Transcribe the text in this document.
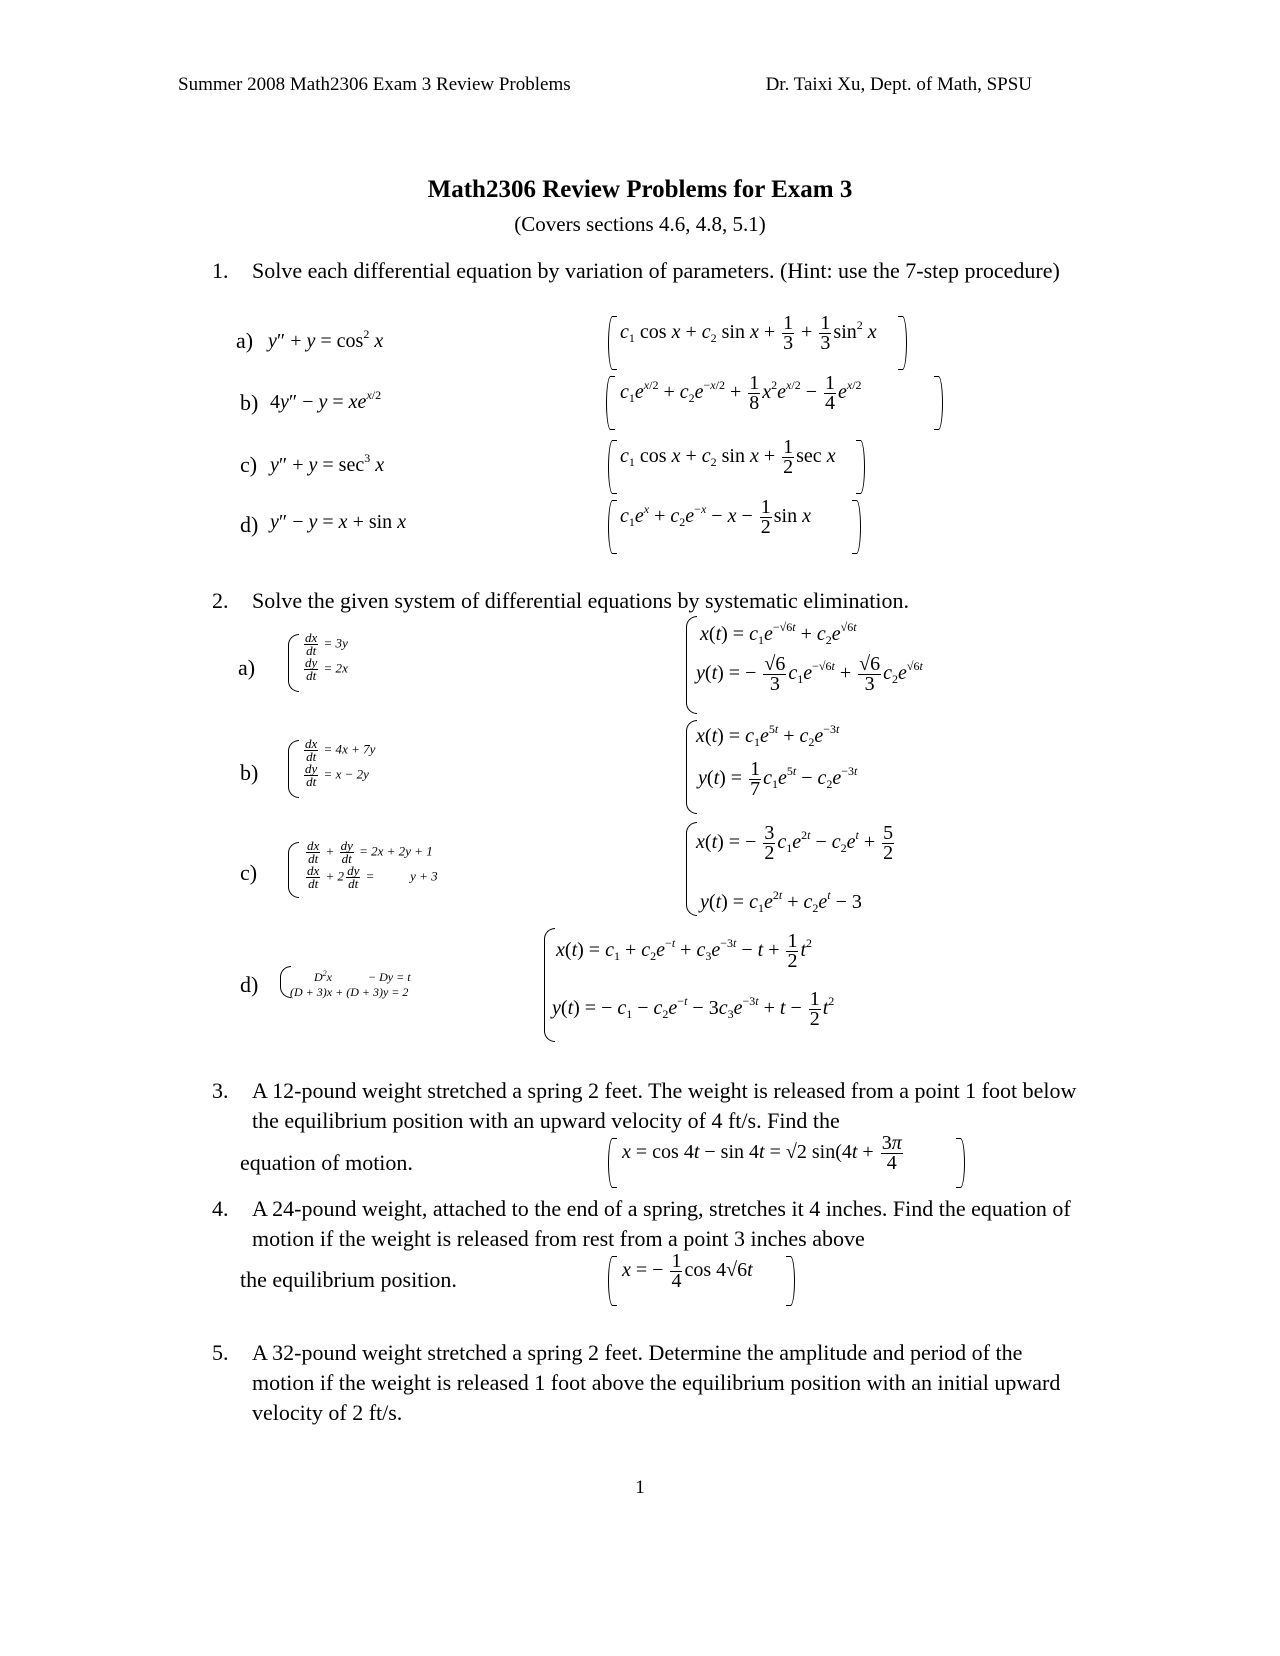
Summer 2008 Math2306 Exam 3 Review Problems	Dr. Taixi Xu, Dept. of Math, SPSU
Math2306 Review Problems for Exam 3
(Covers sections 4.6, 4.8, 5.1)
1. Solve each differential equation by variation of parameters. (Hint: use the 7-step procedure)
a) $y'' + y = \cos^2 x$	$c_1$ $\cos x + c_2$ $\sin x + \frac{1}{3} + \frac{1}{3} \sin^2 x$
b) $4y'' - y = xe^{x/2}$	$c_1e^{x/2} + c_2e^{-x/2} + \frac{1}{8} x^2e^{x/2} - \frac{1}{4} e^{x/2}$
c) $y'' + y = \sec^3 x$	$c_1$ $\cos x + c_2$ $\sin x + \frac{1}{2}$ sec x
d) y″ − y = x + sin x	$c_1e^x + c_2e^{-x} - x - \frac{1}{2}$ sin x
2. Solve the given system of differential equations by systematic elimination.
a)
$\frac{dx}{dt} = 3y$

$\frac{dy}{dt} = 2x$
$x(t) = c_1e^{-√6t} + c_2e^{√6t}$
y(t) = − $\frac{√6}{3} c_1e^{-√6t} + \frac{√6}{3} c_2e^{√6t}$
b)
$\frac{dx}{dt} = 4x + 7y$

$\frac{dy}{dt} = x - 2y$
$x(t) = c_1e^{5t} + c_2e^{-3t}$
$y(t) = \frac{1}{7} c_1e^{5t} - c_2e^{-3t}$
c)
$\frac{dx}{dt} + \frac{dy}{dt} = 2x + 2y + 1$

$\frac{dx}{dt} + 2 \frac{dy}{dt}$ =           y + 3
x(t) = − $\frac{3}{2} c_1e^{2t} - c_2e^t + \frac{5}{2}$
$y(t) = c_1e^{2t} + c_2e^t - 3$
d)	$D^2x$            − Dy = t
(D + 3)x + (D + 3)y = 2
$x(t) = c_1 + c_2e^{-t} + c_3e^{-3t} - t + \frac{1}{2} t^2$
y(t) = − $c_1 - c_2e^{-t} - 3c_3e^{-3t} + t - \frac{1}{2} t^2$
3. A 12-pound weight stretched a spring 2 feet. The weight is released from a point 1 foot below the equilibrium position with an upward velocity of 4 ft/s. Find the
equation of motion.	x = cos 4t − sin 4t = √2 $\sin(4t + \frac{3\pi}{4}$
4. A 24-pound weight, attached to the end of a spring, stretches it 4 inches. Find the equation of motion if the weight is released from rest from a point 3 inches above
the equilibrium position.	x = − $\frac{1}{4}$ cos 4√6t
5. A 32-pound weight stretched a spring 2 feet. Determine the amplitude and period of the motion if the weight is released 1 foot above the equilibrium position with an initial upward velocity of 2 ft/s.
1
